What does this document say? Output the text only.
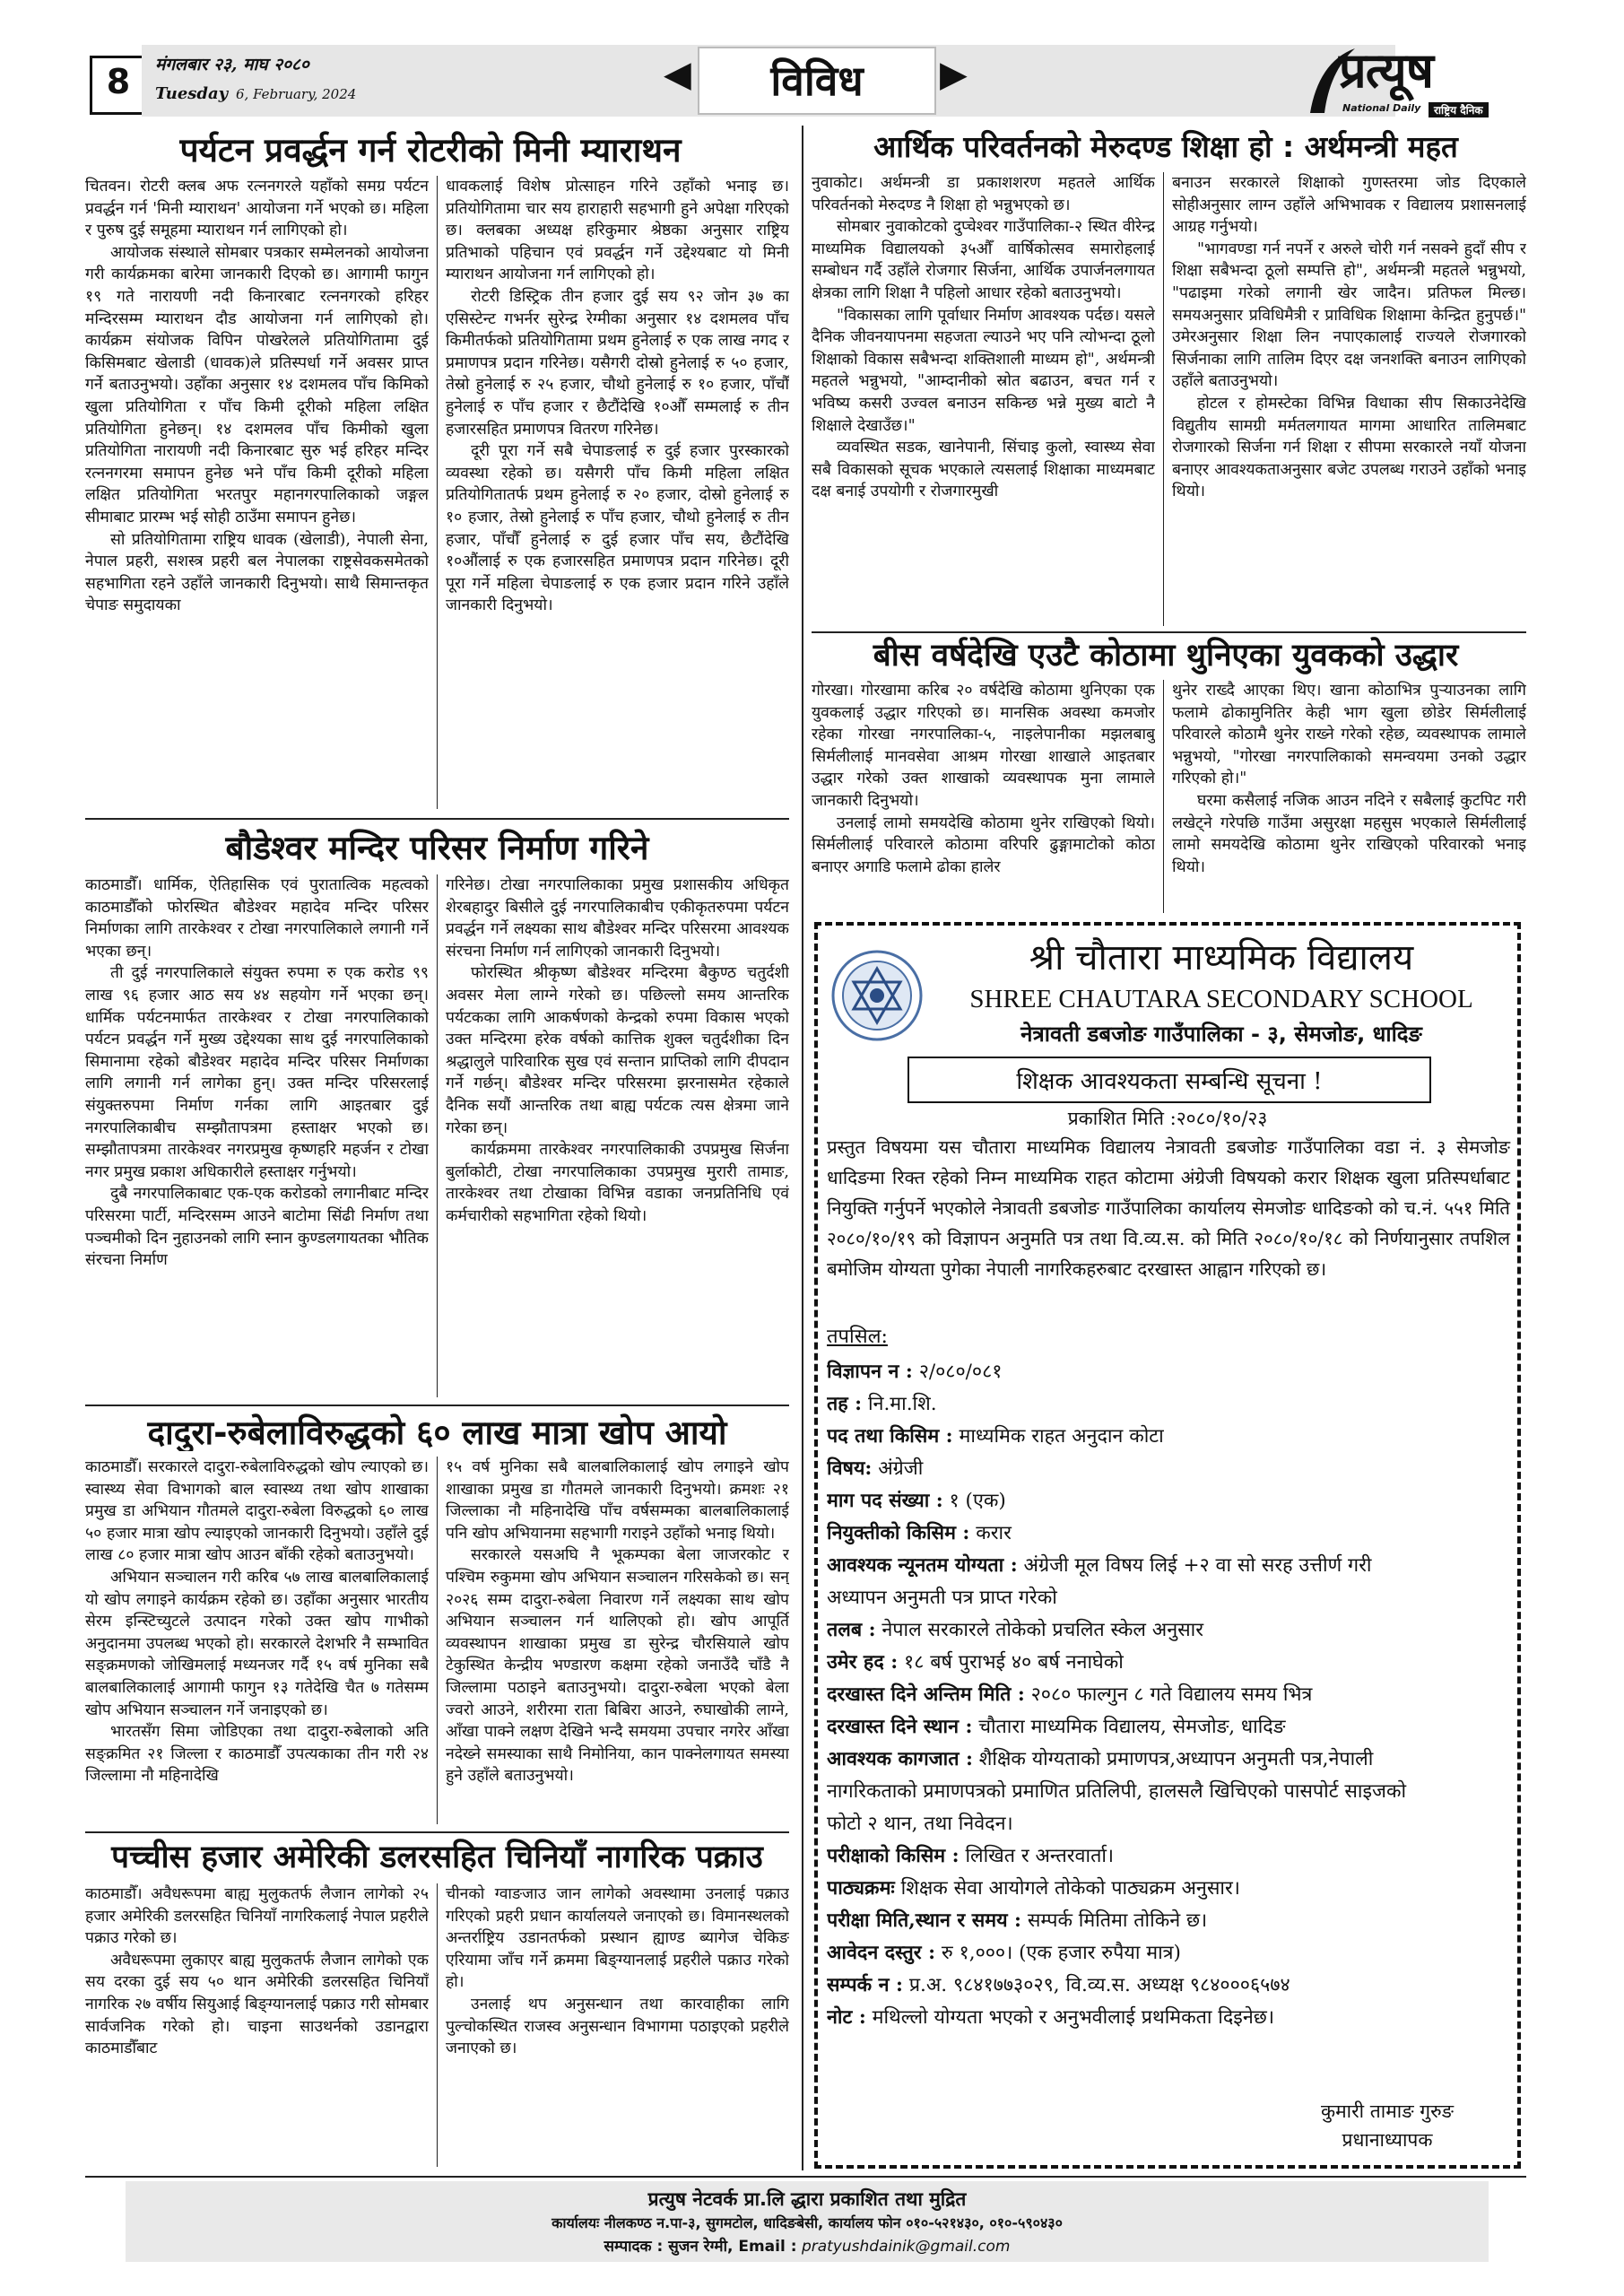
8	मंगलबार २३, माघ २०८०
Tuesday 6, February, 2024	◀	विविध	▶	प्रत्यूष
National Daily	राष्ट्रिय दैनिक
पर्यटन प्रवर्द्धन गर्न रोटरीको मिनी म्याराथन

चितवन। रोटरी क्लब अफ रत्ननगरले यहाँको समग्र पर्यटन प्रवर्द्धन गर्न 'मिनी म्याराथन' आयोजना गर्ने भएको छ। महिला र पुरुष दुई समूहमा म्याराथन गर्न लागिएको हो।

आयोजक संस्थाले सोमबार पत्रकार सम्मेलनको आयोजना गरी कार्यक्रमका बारेमा जानकारी दिएको छ। आगामी फागुन १९ गते नारायणी नदी किनारबाट रत्ननगरको हरिहर मन्दिरसम्म म्याराथन दौड आयोजना गर्न लागिएको हो। कार्यक्रम संयोजक विपिन पोखरेलले प्रतियोगितामा दुई किसिमबाट खेलाडी (धावक)ले प्रतिस्पर्धा गर्ने अवसर प्राप्त गर्ने बताउनुभयो। उहाँका अनुसार १४ दशमलव पाँच किमिको खुला प्रतियोगिता र पाँच किमी दूरीको महिला लक्षित प्रतियोगिता हुनेछन्। १४ दशमलव पाँच किमीको खुला प्रतियोगिता नारायणी नदी किनारबाट सुरु भई हरिहर मन्दिर रत्ननगरमा समापन हुनेछ भने पाँच किमी दूरीको महिला लक्षित प्रतियोगिता भरतपुर महानगरपालिकाको जङ्गल सीमाबाट प्रारम्भ भई सोही ठाउँमा समापन हुनेछ।

सो प्रतियोगितामा राष्ट्रिय धावक (खेलाडी), नेपाली सेना, नेपाल प्रहरी, सशस्त्र प्रहरी बल नेपालका राष्ट्रसेवकसमेतको सहभागिता रहने उहाँले जानकारी दिनुभयो। साथै सिमान्तकृत चेपाङ समुदायका

धावकलाई विशेष प्रोत्साहन गरिने उहाँको भनाइ छ। प्रतियोगितामा चार सय हाराहारी सहभागी हुने अपेक्षा गरिएको छ। क्लबका अध्यक्ष हरिकुमार श्रेष्ठका अनुसार राष्ट्रिय प्रतिभाको पहिचान एवं प्रवर्द्धन गर्ने उद्देश्यबाट यो मिनी म्याराथन आयोजना गर्न लागिएको हो।

रोटरी डिस्ट्रिक तीन हजार दुई सय ९२ जोन ३७ का एसिस्टेन्ट गभर्नर सुरेन्द्र रेग्मीका अनुसार १४ दशमलव पाँच किमीतर्फको प्रतियोगितामा प्रथम हुनेलाई रु एक लाख नगद र प्रमाणपत्र प्रदान गरिनेछ। यसैगरी दोस्रो हुनेलाई रु ५० हजार, तेस्रो हुनेलाई रु २५ हजार, चौथो हुनेलाई रु १० हजार, पाँचौँ हुनेलाई रु पाँच हजार र छैटौंदेखि १०औँ सम्मलाई रु तीन हजारसहित प्रमाणपत्र वितरण गरिनेछ।

दूरी पूरा गर्ने सबै चेपाङलाई रु दुई हजार पुरस्कारको व्यवस्था रहेको छ। यसैगरी पाँच किमी महिला लक्षित प्रतियोगितातर्फ प्रथम हुनेलाई रु २० हजार, दोस्रो हुनेलाई रु १० हजार, तेस्रो हुनेलाई रु पाँच हजार, चौथो हुनेलाई रु तीन हजार, पाँचौँ हुनेलाई रु दुई हजार पाँच सय, छैटौंदेखि १०औंलाई रु एक हजारसहित प्रमाणपत्र प्रदान गरिनेछ। दूरी पूरा गर्ने महिला चेपाङलाई रु एक हजार प्रदान गरिने उहाँले जानकारी दिनुभयो।

बौडेश्वर मन्दिर परिसर निर्माण गरिने

काठमाडौँ। धार्मिक, ऐतिहासिक एवं पुरातात्विक महत्वको काठमाडौँको फोरस्थित बौडेश्वर महादेव मन्दिर परिसर निर्माणका लागि तारकेश्वर र टोखा नगरपालिकाले लगानी गर्ने भएका छन्।

ती दुई नगरपालिकाले संयुक्त रुपमा रु एक करोड ९९ लाख ९६ हजार आठ सय ४४ सहयोग गर्ने भएका छन्। धार्मिक पर्यटनमार्फत तारकेश्वर र टोखा नगरपालिकाको पर्यटन प्रवर्द्धन गर्ने मुख्य उद्देश्यका साथ दुई नगरपालिकाको सिमानामा रहेको बौडेश्वर महादेव मन्दिर परिसर निर्माणका लागि लगानी गर्न लागेका हुन्। उक्त मन्दिर परिसरलाई संयुक्तरुपमा निर्माण गर्नका लागि आइतबार दुई नगरपालिकाबीच सम्झौतापत्रमा हस्ताक्षर भएको छ। सम्झौतापत्रमा तारकेश्वर नगरप्रमुख कृष्णहरि महर्जन र टोखा नगर प्रमुख प्रकाश अधिकारीले हस्ताक्षर गर्नुभयो।

दुबै नगरपालिकाबाट एक-एक करोडको लगानीबाट मन्दिर परिसरमा पार्टी, मन्दिरसम्म आउने बाटोमा सिंढी निर्माण तथा पञ्चमीको दिन नुहाउनको लागि स्नान कुण्डलगायतका भौतिक संरचना निर्माण

गरिनेछ। टोखा नगरपालिकाका प्रमुख प्रशासकीय अधिकृत शेरबहादुर बिसीले दुई नगरपालिकाबीच एकीकृतरुपमा पर्यटन प्रवर्द्धन गर्ने लक्ष्यका साथ बौडेश्वर मन्दिर परिसरमा आवश्यक संरचना निर्माण गर्न लागिएको जानकारी दिनुभयो।

फोरस्थित श्रीकृष्ण बौडेश्वर मन्दिरमा बैकुण्ठ चतुर्दशी अवसर मेला लाग्ने गरेको छ। पछिल्लो समय आन्तरिक पर्यटकका लागि आकर्षणको केन्द्रको रुपमा विकास भएको उक्त मन्दिरमा हरेक वर्षको कात्तिक शुक्ल चतुर्दशीका दिन श्रद्धालुले पारिवारिक सुख एवं सन्तान प्राप्तिको लागि दीपदान गर्ने गर्छन्। बौडेश्वर मन्दिर परिसरमा झरनासमेत रहेकाले दैनिक सयौं आन्तरिक तथा बाह्य पर्यटक त्यस क्षेत्रमा जाने गरेका छन्।

कार्यक्रममा तारकेश्वर नगरपालिकाकी उपप्रमुख सिर्जना बुर्लाकोटी, टोखा नगरपालिकाका उपप्रमुख मुरारी तामाङ, तारकेश्वर तथा टोखाका विभिन्न वडाका जनप्रतिनिधि एवं कर्मचारीको सहभागिता रहेको थियो।

दादुरा-रुबेलाविरुद्धको ६० लाख मात्रा खोप आयो

काठमाडौँ। सरकारले दादुरा-रुबेलाविरुद्धको खोप ल्याएको छ। स्वास्थ्य सेवा विभागको बाल स्वास्थ्य तथा खोप शाखाका प्रमुख डा अभियान गौतमले दादुरा-रुबेला विरुद्धको ६० लाख ५० हजार मात्रा खोप ल्याइएको जानकारी दिनुभयो। उहाँले दुई लाख ८० हजार मात्रा खोप आउन बाँकी रहेको बताउनुभयो।

अभियान सञ्चालन गरी करिब ५७ लाख बालबालिकालाई यो खोप लगाइने कार्यक्रम रहेको छ। उहाँका अनुसार भारतीय सेरम इन्स्टिच्युटले उत्पादन गरेको उक्त खोप गाभीको अनुदानमा उपलब्ध भएको हो। सरकारले देशभरि नै सम्भावित सङ्क्रमणको जोखिमलाई मध्यनजर गर्दै १५ वर्ष मुनिका सबै बालबालिकालाई आगामी फागुन १३ गतेदेखि चैत ७ गतेसम्म खोप अभियान सञ्चालन गर्ने जनाइएको छ।

भारतसँग सिमा जोडिएका तथा दादुरा-रुबेलाको अति सङ्क्रमित २१ जिल्ला र काठमाडौँ उपत्यकाका तीन गरी २४ जिल्लामा नौ महिनादेखि

१५ वर्ष मुनिका सबै बालबालिकालाई खोप लगाइने खोप शाखाका प्रमुख डा गौतमले जानकारी दिनुभयो। क्रमशः २१ जिल्लाका नौ महिनादेखि पाँच वर्षसम्मका बालबालिकालाई पनि खोप अभियानमा सहभागी गराइने उहाँको भनाइ थियो।

सरकारले यसअघि नै भूकम्पका बेला जाजरकोट र पश्चिम रुकुममा खोप अभियान सञ्चालन गरिसकेको छ। सन् २०२६ सम्म दादुरा-रुबेला निवारण गर्ने लक्ष्यका साथ खोप अभियान सञ्चालन गर्न थालिएको हो। खोप आपूर्ति व्यवस्थापन शाखाका प्रमुख डा सुरेन्द्र चौरसियाले खोप टेकुस्थित केन्द्रीय भण्डारण कक्षमा रहेको जनाउँदै चाँडै नै जिल्लामा पठाइने बताउनुभयो। दादुरा-रुबेला भएको बेला ज्वरो आउने, शरीरमा राता बिबिरा आउने, रुघाखोकी लाग्ने, आँखा पाक्ने लक्षण देखिने भन्दै समयमा उपचार नगरेर आँखा नदेख्ने समस्याका साथै निमोनिया, कान पाक्नेलगायत समस्या हुने उहाँले बताउनुभयो।

पच्चीस हजार अमेरिकी डलरसहित चिनियाँ नागरिक पक्राउ

काठमाडौँ। अवैधरूपमा बाह्य मुलुकतर्फ लैजान लागेको २५ हजार अमेरिकी डलरसहित चिनियाँ नागरिकलाई नेपाल प्रहरीले पक्राउ गरेको छ।

अवैधरूपमा लुकाएर बाह्य मुलुकतर्फ लैजान लागेको एक सय दरका दुई सय ५० थान अमेरिकी डलरसहित चिनियाँ नागरिक २७ वर्षीय सियुआई बिङ्ग्यानलाई पक्राउ गरी सोमबार सार्वजनिक गरेको हो। चाइना साउथर्नको उडानद्वारा काठमाडौँबाट

चीनको ग्वाङजाउ जान लागेको अवस्थामा उनलाई पक्राउ गरिएको प्रहरी प्रधान कार्यालयले जनाएको छ। विमानस्थलको अन्तर्राष्ट्रिय उडानतर्फको प्रस्थान ह्याण्ड ब्यागेज चेकिङ एरियामा जाँच गर्ने क्रममा बिङ्ग्यानलाई प्रहरीले पक्राउ गरेको हो।

उनलाई थप अनुसन्धान तथा कारवाहीका लागि पुल्चोकस्थित राजस्व अनुसन्धान विभागमा पठाइएको प्रहरीले जनाएको छ।

आर्थिक परिवर्तनको मेरुदण्ड शिक्षा हो : अर्थमन्त्री महत

नुवाकोट। अर्थमन्त्री डा प्रकाशशरण महतले आर्थिक परिवर्तनको मेरुदण्ड नै शिक्षा हो भन्नुभएको छ।

सोमबार नुवाकोटको दुप्चेश्वर गाउँपालिका-२ स्थित वीरेन्द्र माध्यमिक विद्यालयको ३५औँ वार्षिकोत्सव समारोहलाई सम्बोधन गर्दै उहाँले रोजगार सिर्जना, आर्थिक उपार्जनलगायत क्षेत्रका लागि शिक्षा नै पहिलो आधार रहेको बताउनुभयो।

"विकासका लागि पूर्वाधार निर्माण आवश्यक पर्दछ। यसले दैनिक जीवनयापनमा सहजता ल्याउने भए पनि त्योभन्दा ठूलो शिक्षाको विकास सबैभन्दा शक्तिशाली माध्यम हो", अर्थमन्त्री महतले भन्नुभयो, "आम्दानीको स्रोत बढाउन, बचत गर्न र भविष्य कसरी उज्वल बनाउन सकिन्छ भन्ने मुख्य बाटो नै शिक्षाले देखाउँछ।"

व्यवस्थित सडक, खानेपानी, सिंचाइ कुलो, स्वास्थ्य सेवा सबै विकासको सूचक भएकाले त्यसलाई शिक्षाका माध्यमबाट दक्ष बनाई उपयोगी र रोजगारमुखी

बनाउन सरकारले शिक्षाको गुणस्तरमा जोड दिएकाले सोहीअनुसार लाग्न उहाँले अभिभावक र विद्यालय प्रशासनलाई आग्रह गर्नुभयो।

"भागवण्डा गर्न नपर्ने र अरुले चोरी गर्न नसक्ने हुदाँ सीप र शिक्षा सबैभन्दा ठूलो सम्पत्ति हो", अर्थमन्त्री महतले भन्नुभयो, "पढाइमा गरेको लगानी खेर जादैन। प्रतिफल मिल्छ। समयअनुसार प्रविधिमैत्री र प्राविधिक शिक्षामा केन्द्रित हुनुपर्छ।" उमेरअनुसार शिक्षा लिन नपाएकालाई राज्यले रोजगारको सिर्जनाका लागि तालिम दिएर दक्ष जनशक्ति बनाउन लागिएको उहाँले बताउनुभयो।

होटल र होमस्टेका विभिन्न विधाका सीप सिकाउनेदेखि विद्युतीय सामग्री मर्मतलगायत मागमा आधारित तालिमबाट रोजगारको सिर्जना गर्न शिक्षा र सीपमा सरकारले नयाँ योजना बनाएर आवश्यकताअनुसार बजेट उपलब्ध गराउने उहाँको भनाइ थियो।

बीस वर्षदेखि एउटै कोठामा थुनिएका युवकको उद्धार

गोरखा। गोरखामा करिब २० वर्षदेखि कोठामा थुनिएका एक युवकलाई उद्धार गरिएको छ। मानसिक अवस्था कमजोर रहेका गोरखा नगरपालिका-५, नाइलेपानीका मझलबाबु सिर्मलीलाई मानवसेवा आश्रम गोरखा शाखाले आइतबार उद्धार गरेको उक्त शाखाको व्यवस्थापक मुना लामाले जानकारी दिनुभयो।

उनलाई लामो समयदेखि कोठामा थुनेर राखिएको थियो। सिर्मलीलाई परिवारले कोठामा वरिपरि ढुङ्गामाटोको कोठा बनाएर अगाडि फलामे ढोका हालेर

थुनेर राख्दै आएका थिए। खाना कोठाभित्र पुऱ्याउनका लागि फलामे ढोकामुनितिर केही भाग खुला छोडेर सिर्मलीलाई परिवारले कोठामै थुनेर राख्ने गरेको रहेछ, व्यवस्थापक लामाले भन्नुभयो, "गोरखा नगरपालिकाको समन्वयमा उनको उद्धार गरिएको हो।"

घरमा कसैलाई नजिक आउन नदिने र सबैलाई कुटपिट गरी लखेट्ने गरेपछि गाउँमा असुरक्षा महसुस भएकाले सिर्मलीलाई लामो समयदेखि कोठामा थुनेर राखिएको परिवारको भनाइ थियो।

श्री चौतारा माध्यमिक विद्यालय
SHREE CHAUTARA SECONDARY SCHOOL
नेत्रावती डबजोङ गाउँपालिका - ३, सेमजोङ, धादिङ
शिक्षक आवश्यकता सम्बन्धि सूचना !
प्रकाशित मिति :२०८०/१०/२३
प्रस्तुत विषयमा यस चौतारा माध्यमिक विद्यालय नेत्रावती डबजोङ गाउँपालिका वडा नं. ३ सेमजोङ धादिङमा रिक्त रहेको निम्न माध्यमिक राहत कोटामा अंग्रेजी विषयको करार शिक्षक खुला प्रतिस्पर्धाबाट नियुक्ति गर्नुपर्ने भएकोले नेत्रावती डबजोङ गाउँपालिका कार्यालय सेमजोङ धादिङको को च.नं. ५५१ मिति २०८०/१०/१९ को विज्ञापन अनुमति पत्र तथा वि.व्य.स. को मिति २०८०/१०/१८ को निर्णयानुसार तपशिल बमोजिम योग्यता पुगेका नेपाली नागरिकहरुबाट दरखास्त आह्वान गरिएको छ।
तपसिल:
विज्ञापन न : २/०८०/०८१
तह : नि.मा.शि.
पद तथा किसिम : माध्यमिक राहत अनुदान कोटा
विषय: अंग्रेजी
माग पद संख्या : १ (एक)
नियुक्तीको किसिम : करार
आवश्यक न्यूनतम योग्यता : अंग्रेजी मूल विषय लिई +२ वा सो सरह उत्तीर्ण गरी
अध्यापन अनुमती पत्र प्राप्त गरेको
तलब : नेपाल सरकारले तोकेको प्रचलित स्केल अनुसार
उमेर हद : १८ बर्ष पुराभई ४० बर्ष ननाघेको
दरखास्त दिने अन्तिम मिति : २०८० फाल्गुन ८ गते विद्यालय समय भित्र
दरखास्त दिने स्थान : चौतारा माध्यमिक विद्यालय, सेमजोङ, धादिङ
आवश्यक कागजात : शैक्षिक योग्यताको प्रमाणपत्र,अध्यापन अनुमती पत्र,नेपाली
नागरिकताको प्रमाणपत्रको प्रमाणित प्रतिलिपी, हालसलै खिचिएको पासपोर्ट साइजको
फोटो २ थान, तथा निवेदन।
परीक्षाको किसिम : लिखित र अन्तरवार्ता।
पाठ्यक्रमः शिक्षक सेवा आयोगले तोकेको पाठ्यक्रम अनुसार।
परीक्षा मिति,स्थान र समय : सम्पर्क मितिमा तोकिने छ।
आवेदन दस्तुर : रु १,०००। (एक हजार रुपैया मात्र)
सम्पर्क न : प्र.अ. ९८४१७७३०२९, वि.व्य.स. अध्यक्ष ९८४०००६५७४
नोट : मथिल्लो योग्यता भएको र अनुभवीलाई प्रथमिकता दिइनेछ।
कुमारी तामाङ गुरुङ
प्रधानाध्यापक
प्रत्युष नेटवर्क प्रा.लि द्धारा प्रकाशित तथा मुद्रित
कार्यालयः नीलकण्ठ न.पा-३, सुगमटोल, धादिङबेसी, कार्यालय फोन ०१०-५२१४३०, ०१०-५९०४३०
सम्पादक : सुजन रेग्मी, Email : pratyushdainik@gmail.com
